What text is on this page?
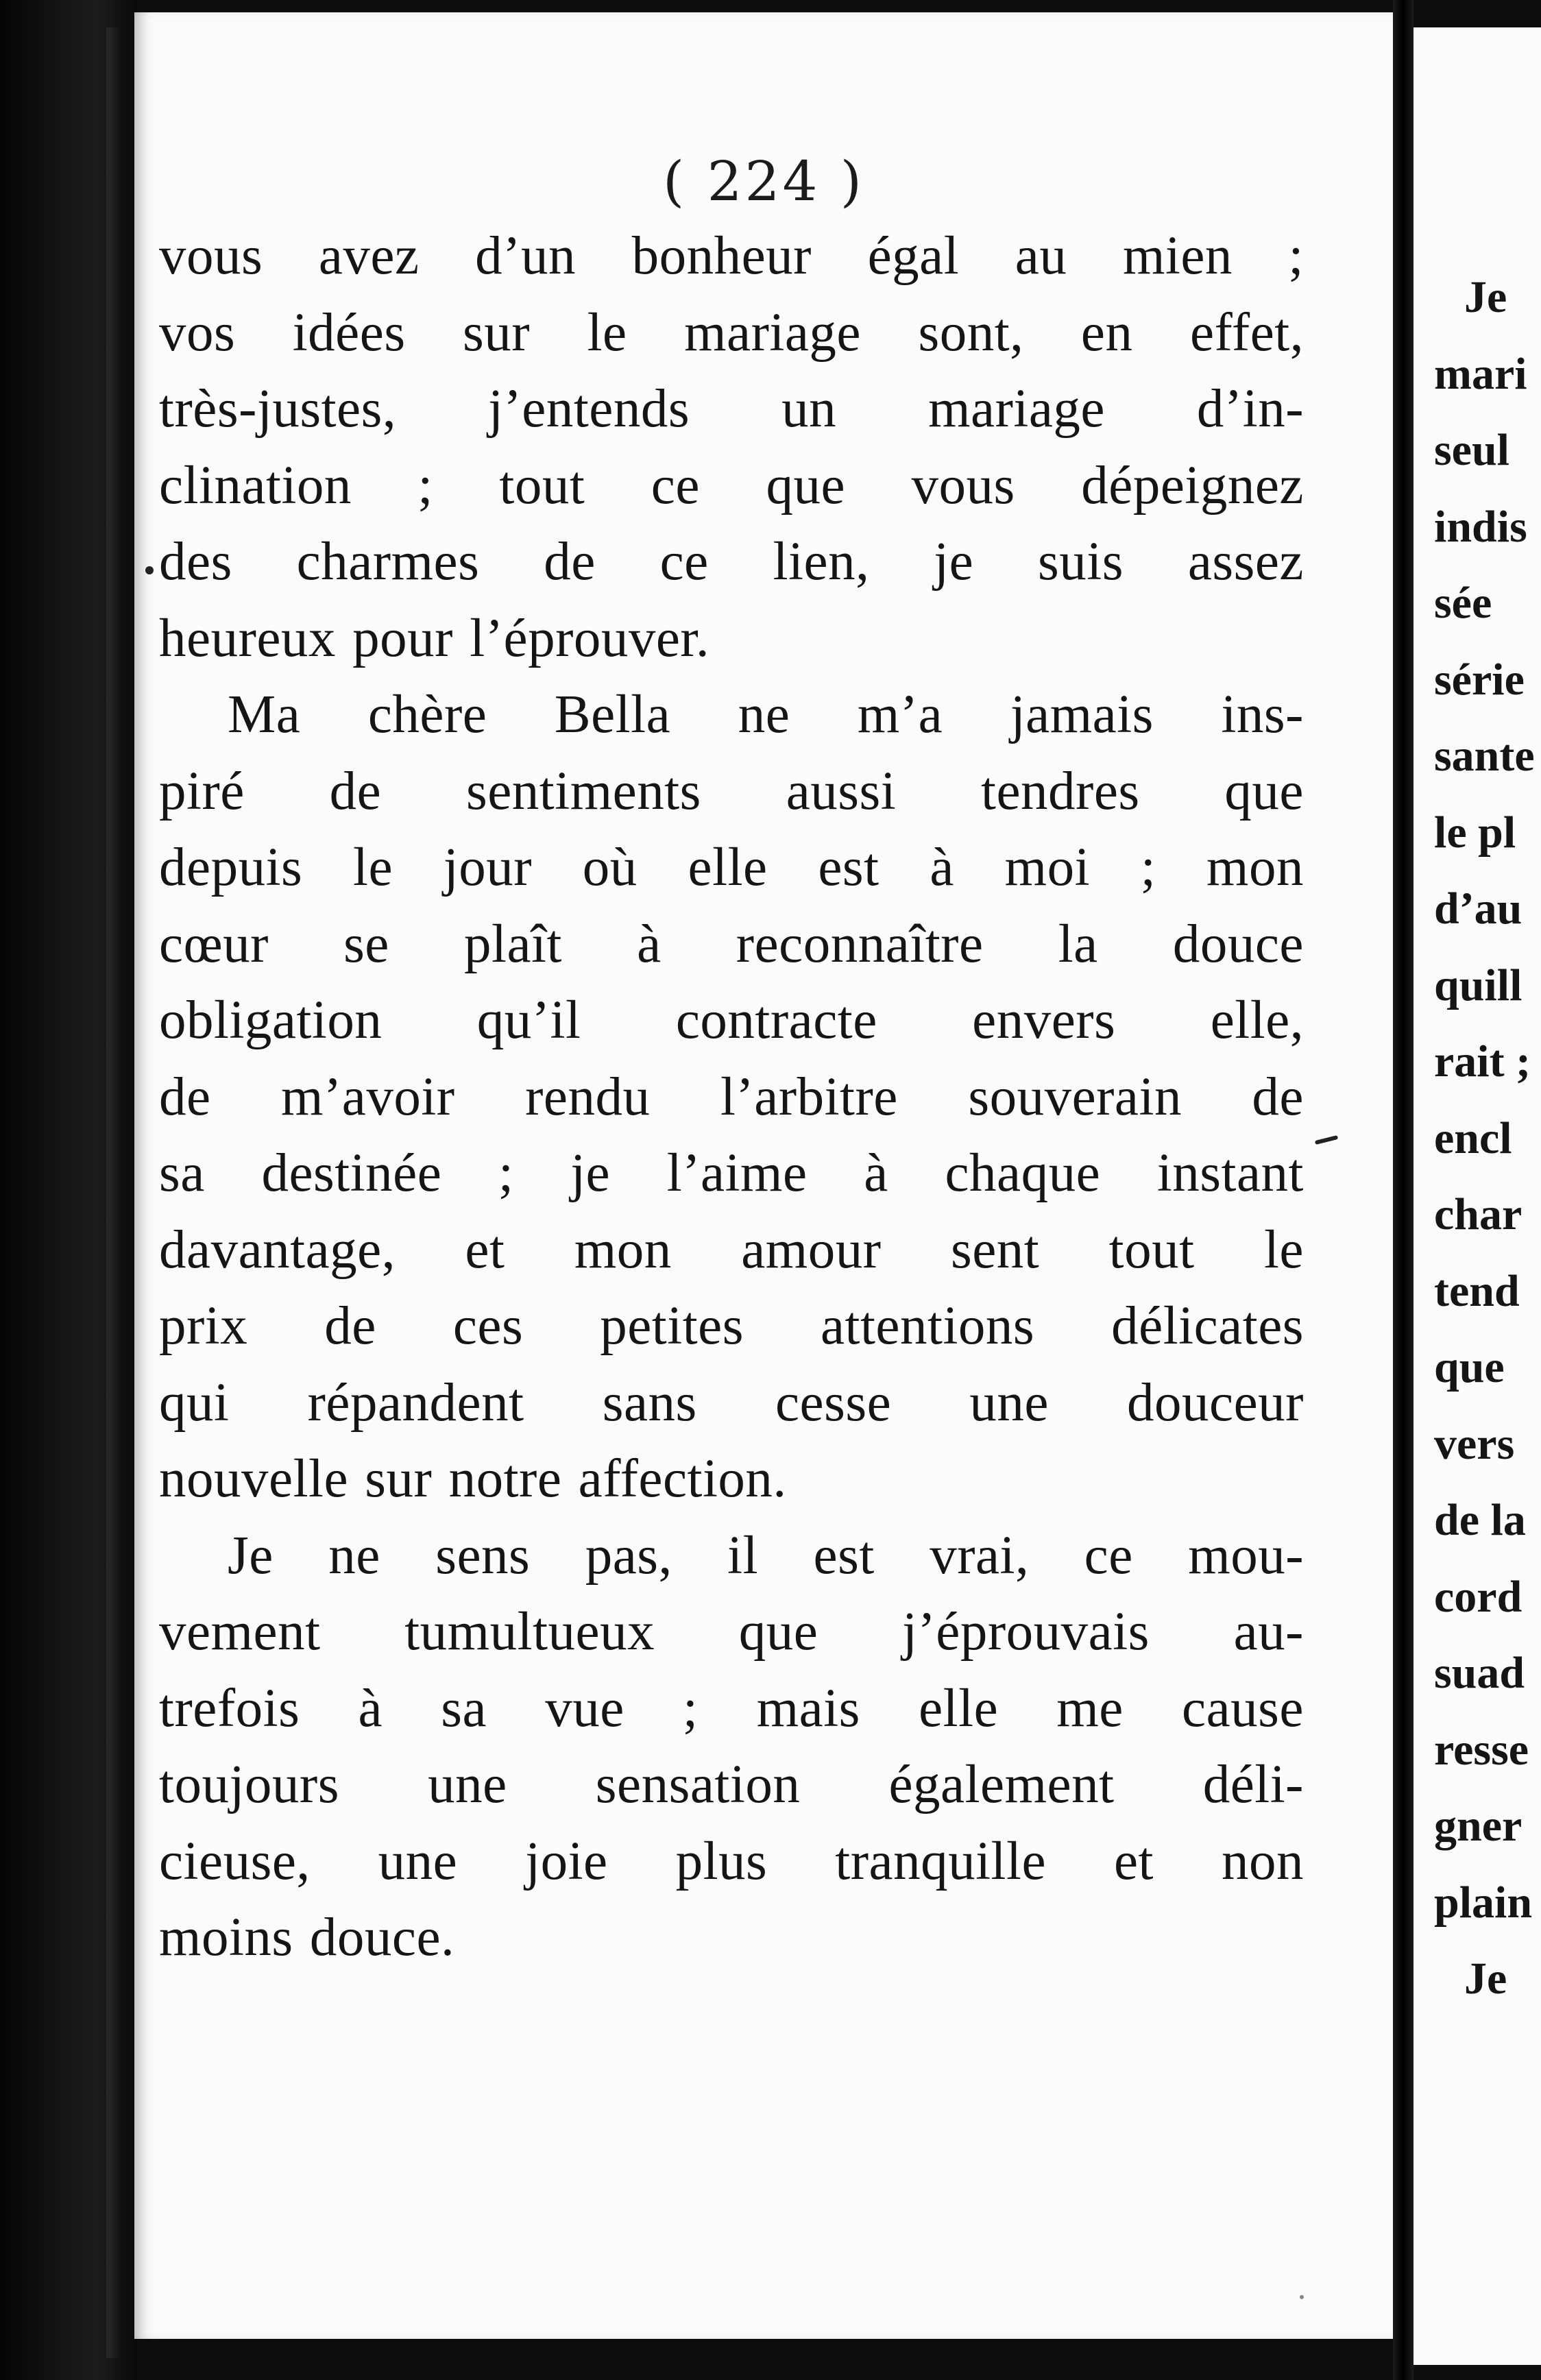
( 224 )
vous avez d’un bonheur égal au mien ;
vos idées sur le mariage sont, en effet,
très-justes, j’entends un mariage d’in-
clination ; tout ce que vous dépeignez
des charmes de ce lien, je suis assez
heureux pour l’éprouver.
Ma chère Bella ne m’a jamais ins-
piré de sentiments aussi tendres que
depuis le jour où elle est à moi ; mon
cœur se plaît à reconnaître la douce
obligation qu’il contracte envers elle,
de m’avoir rendu l’arbitre souverain de
sa destinée ; je l’aime à chaque instant
davantage, et mon amour sent tout le
prix de ces petites attentions délicates
qui répandent sans cesse une douceur
nouvelle sur notre affection.
Je ne sens pas, il est vrai, ce mou-
vement tumultueux que j’éprouvais au-
trefois à sa vue ; mais elle me cause
toujours une sensation également déli-
cieuse, une joie plus tranquille et non
moins douce.
Je
mari
seul
indis
sée
série
sante
le pl
d’au
quill
rait ;
encl
char
tend
que
vers
de la
cord
suad
resse
gner
plain
Je
